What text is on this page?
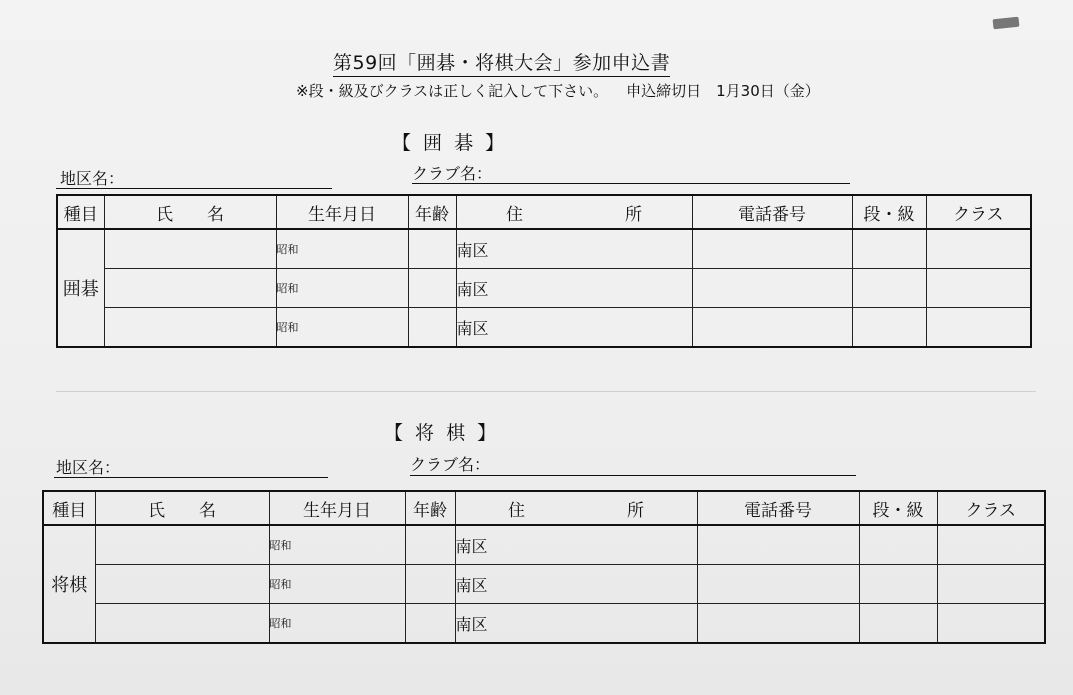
第59回「囲碁・将棋大会」参加申込書
※段・級及びクラスは正しく記入して下さい。 申込締切日　1月30日（金）
【 囲 碁 】
地区名：	クラブ名：
種目	氏　　名	生年月日	年齢	住　　　　　　所	電話番号	段・級	クラス
囲碁		昭和		南区			
		昭和		南区			
		昭和		南区			
【 将 棋 】
地区名：	クラブ名：
種目	氏　　名	生年月日	年齢	住　　　　　　所	電話番号	段・級	クラス
将棋		昭和		南区			
		昭和		南区			
		昭和		南区			
